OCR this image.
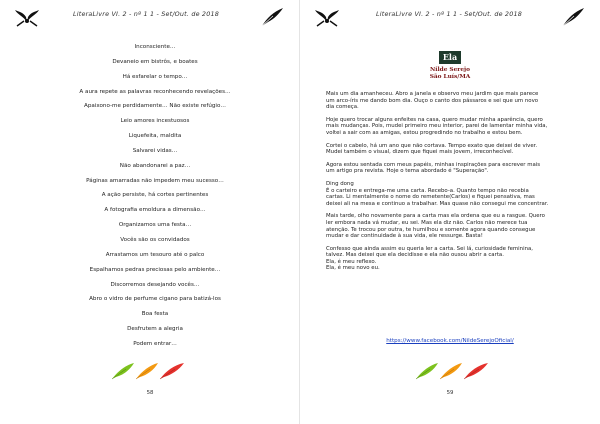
LiteraLivre VI. 2 - nº 1 1 - Set/Out. de 2018
Inconsciente…
Devaneio em bistrôs, e boates
Há esfarelar o tempo…
A aura repete as palavras reconhecendo revelações…
Apaixono-me perdidamente… Não existe refúgio…
Leio amores incestuosos
Liquefeita, maldita
Salvarei vidas…
Não abandonarei a paz…
Páginas amarradas não impedem meu sucesso…
A ação persiste, há cortes pertinentes
A fotografia emoldura a dimensão…
Organizamos uma festa…
Vocês são os convidados
Arrastamos um tesouro até o palco
Espalhamos pedras preciosas pelo ambiente…
Discorremos desejando vocês…
Abro o vidro de perfume cigano para batizá-los
Boa festa
Desfrutem a alegria
Podem entrar…
58
LiteraLivre VI. 2 - nº 1 1 - Set/Out. de 2018
Ela
Nilde Serejo
São Luís/MA

Mais um dia amanheceu. Abro a janela e observo meu jardim que mais parece
um arco-íris me dando bom dia. Ouço o canto dos pássaros e sei que um novo
dia começa.

Hoje quero trocar alguns enfeites na casa, quero mudar minha aparência, quero
mais mudanças. Pois, mudei primeiro meu interior, parei de lamentar minha vida,
voltei a sair com as amigas, estou progredindo no trabalho e estou bem.

Cortei o cabelo, há um ano que não cortava. Tempo exato que deixei de viver.
Mudei também o visual, dizem que fiquei mais jovem, irreconhecível.

Agora estou sentada com meus papéis, minhas inspirações para escrever mais
um artigo pra revista. Hoje o tema abordado é "Superação".

Ding dong
É o carteiro e entrega-me uma carta. Recebo-a. Quanto tempo não recebia
cartas. Li mentalmente o nome do remetente(Carlos) e fiquei pensativa, mas
deixei ali na mesa e continuo a trabalhar. Mas quase não consegui me concentrar.

Mais tarde, olho novamente para a carta mas ela ordena que eu a rasgue. Quero
ler embora nada vá mudar, eu sei. Mas ela diz não. Carlos não merece tua
atenção. Te trocou por outra, te humilhou e somente agora quando consegue
mudar e dar continuidade à sua vida, ele ressurge. Basta!

Confesso que ainda assim eu queria ler a carta. Sei lá, curiosidade feminina,
talvez. Mas deixei que ela decidisse e ela não ousou abrir a carta.
Ela, é meu reflexo.
Ela, é meu novo eu.

https://www.facebook.com/NildeSerejoOficial/
59
